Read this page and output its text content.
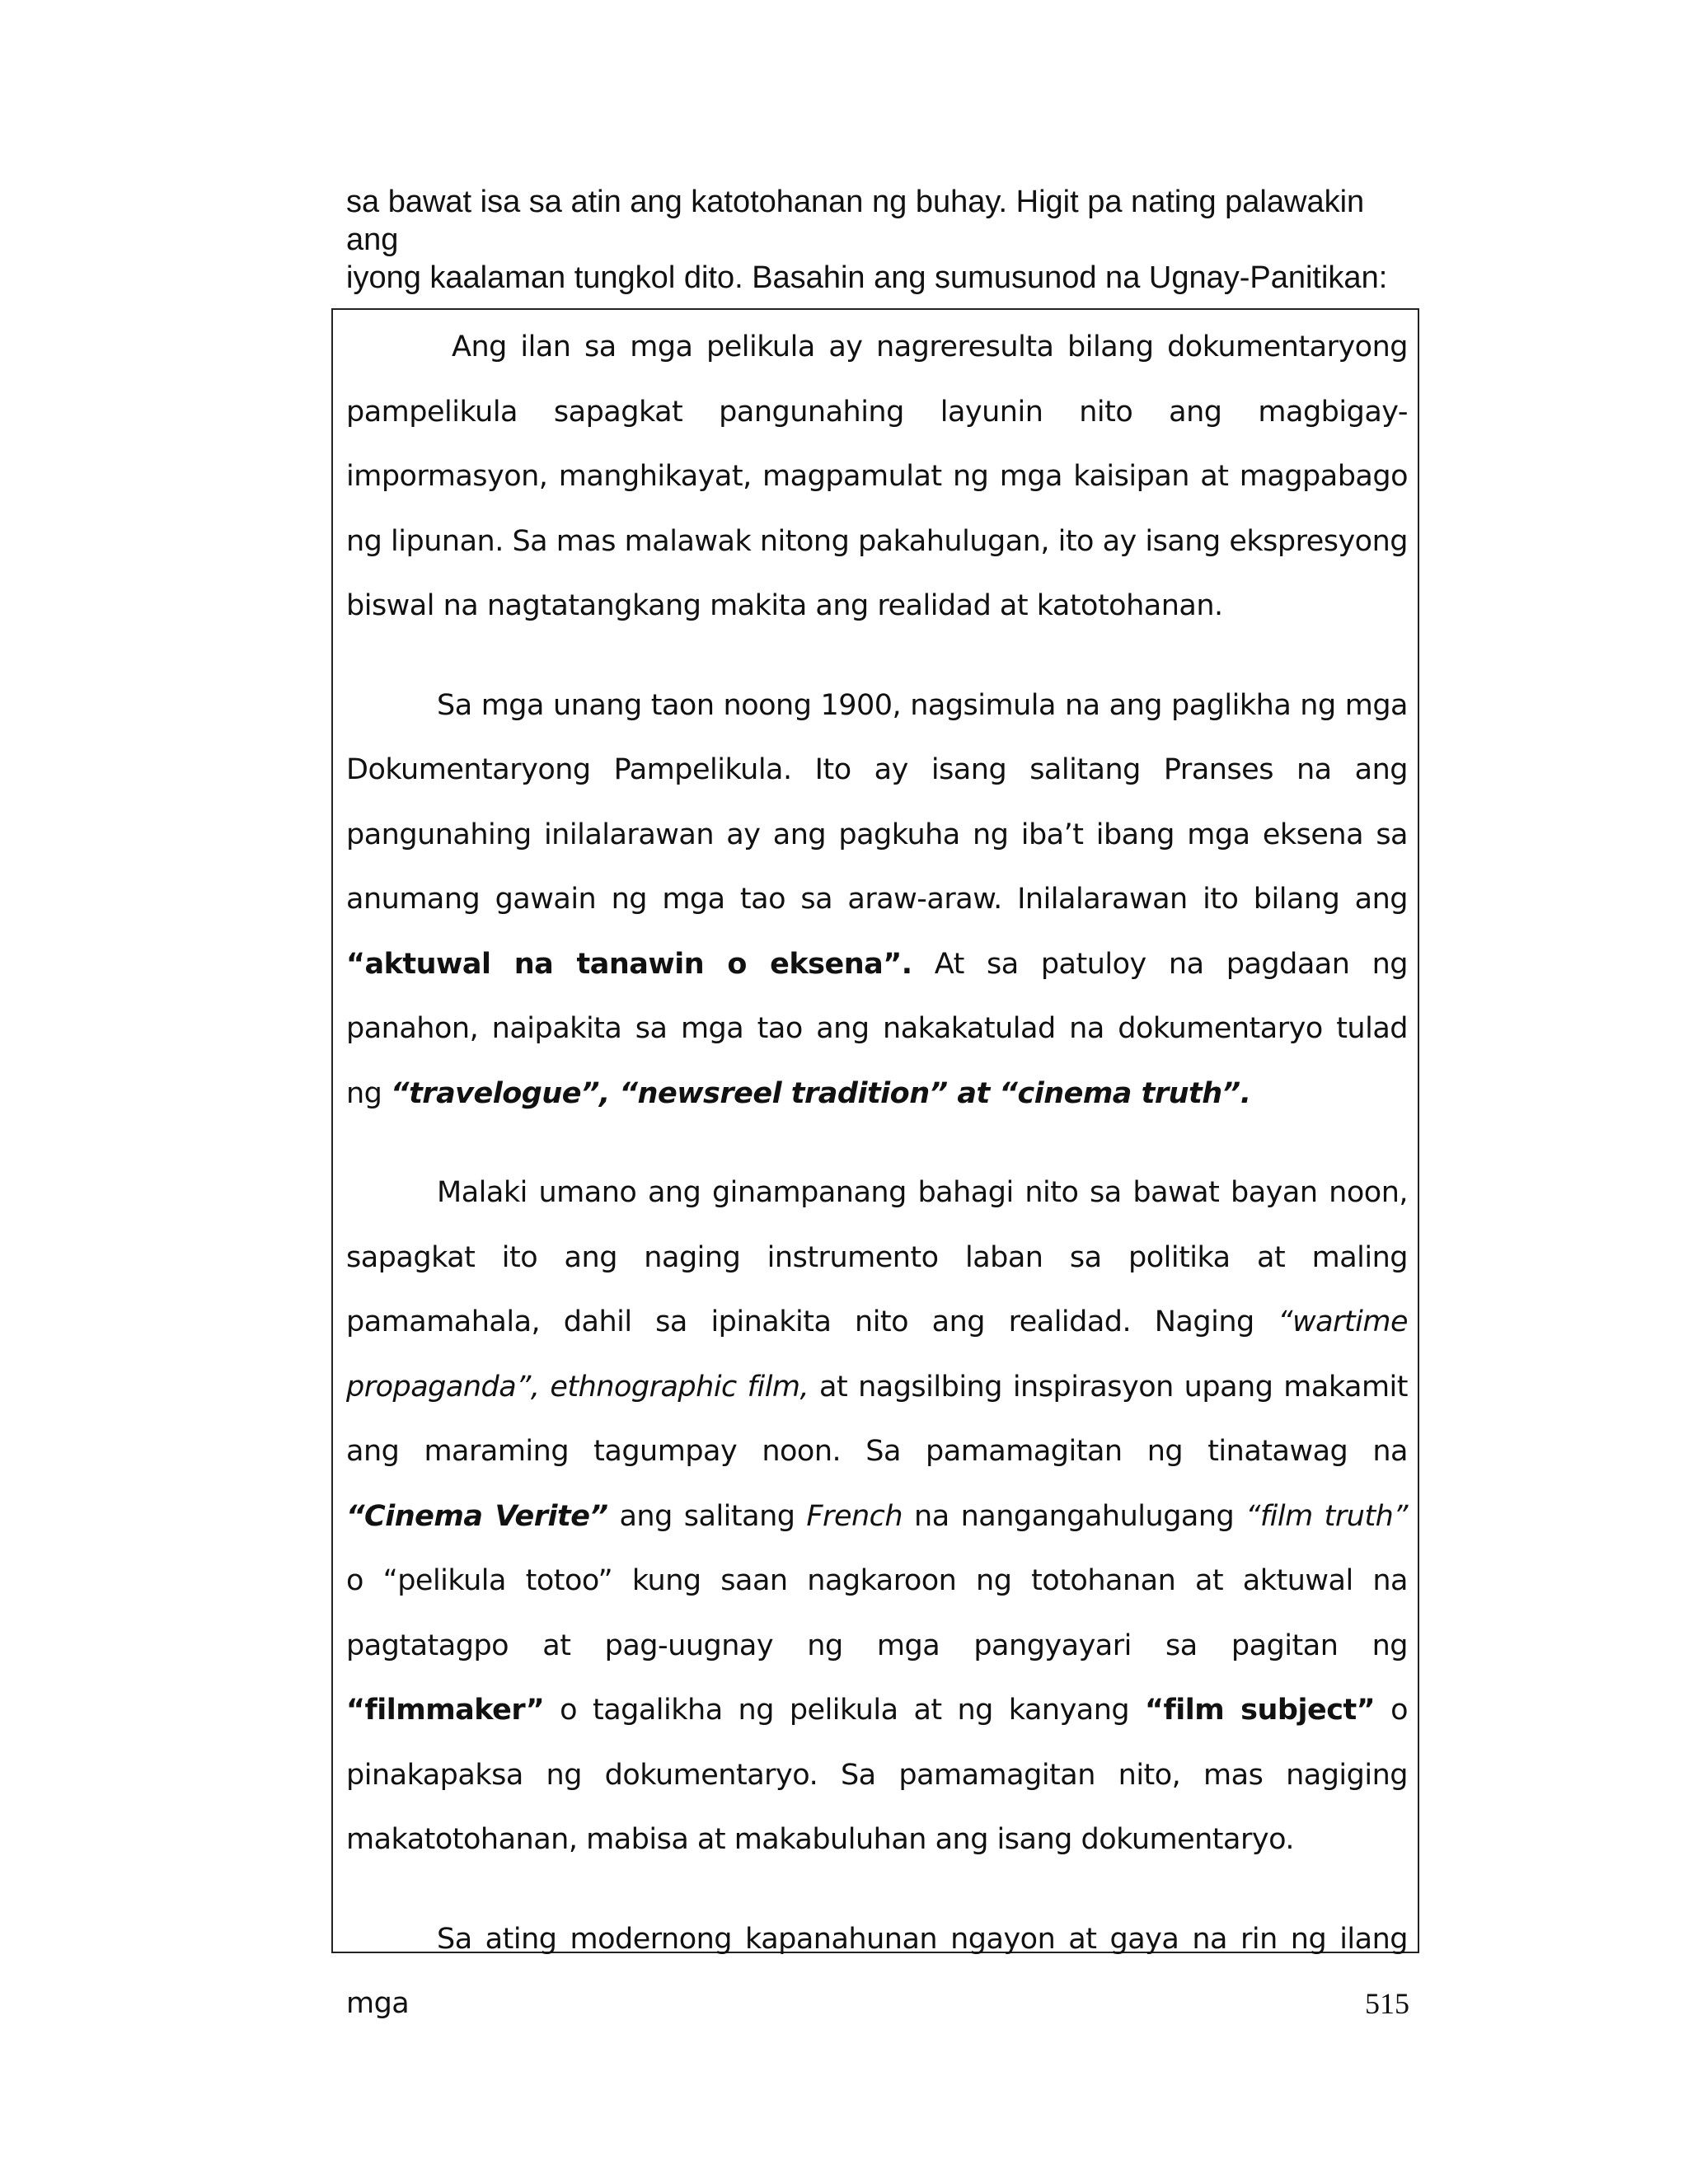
sa bawat isa sa atin ang katotohanan ng buhay. Higit pa nating palawakin ang

iyong kaalaman tungkol dito. Basahin ang sumusunod na Ugnay-Panitikan:

Ang ilan sa mga pelikula ay nagreresulta bilang dokumentaryong pampelikula sapagkat pangunahing layunin nito ang magbigay-impormasyon, manghikayat, magpamulat ng mga kaisipan at magpabago ng lipunan. Sa mas malawak nitong pakahulugan, ito ay isang ekspresyong biswal na nagtatangkang makita ang realidad at katotohanan.

Sa mga unang taon noong 1900, nagsimula na ang paglikha ng mga Dokumentaryong Pampelikula. Ito ay isang salitang Pranses na ang pangunahing inilalarawan ay ang pagkuha ng iba’t ibang mga eksena sa anumang gawain ng mga tao sa araw-araw. Inilalarawan ito bilang ang “aktuwal na tanawin o eksena”. At sa patuloy na pagdaan ng panahon, naipakita sa mga tao ang nakakatulad na dokumentaryo tulad ng “travelogue”, “newsreel tradition” at “cinema truth”.

Malaki umano ang ginampanang bahagi nito sa bawat bayan noon, sapagkat ito ang naging instrumento laban sa politika at maling pamamahala, dahil sa ipinakita nito ang realidad. Naging “wartime propaganda”, ethnographic film, at nagsilbing inspirasyon upang makamit ang maraming tagumpay noon. Sa pamamagitan ng tinatawag na “Cinema Verite” ang salitang French na nangangahulugang “film truth” o “pelikula totoo” kung saan nagkaroon ng totohanan at aktuwal na pagtatagpo at pag-uugnay ng mga pangyayari sa pagitan ng “filmmaker” o tagalikha ng pelikula at ng kanyang “film subject” o pinakapaksa ng dokumentaryo. Sa pamamagitan nito, mas nagiging makatotohanan, mabisa at makabuluhan ang isang dokumentaryo.

Sa ating modernong kapanahunan ngayon at gaya na rin ng ilang mga	515
